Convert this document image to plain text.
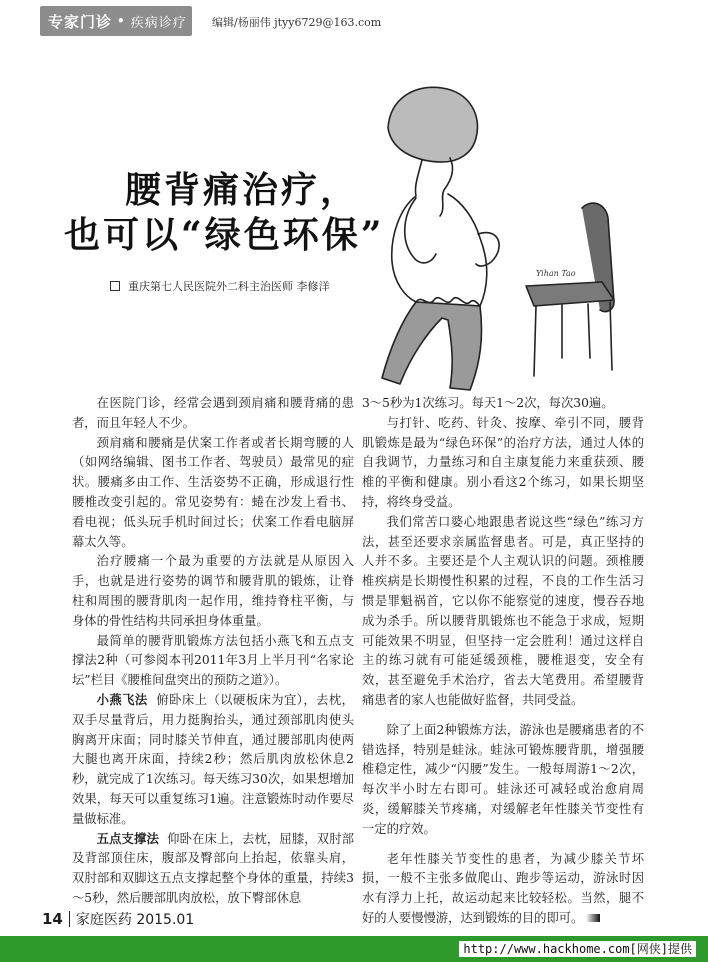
专家门诊 • 疾病诊疗 编辑/杨丽伟 jtyy6729@163.com
Yihan Tao
腰背痛治疗，
也可以“绿色环保”
重庆第七人民医院外二科主治医师 李修洋

在医院门诊，经常会遇到颈肩痛和腰背痛的患者，而且年轻人不少。

颈肩痛和腰痛是伏案工作者或者长期弯腰的人（如网络编辑、图书工作者、驾驶员）最常见的症状。腰痛多由工作、生活姿势不正确，形成退行性腰椎改变引起的。常见姿势有：蜷在沙发上看书、看电视；低头玩手机时间过长；伏案工作看电脑屏幕太久等。

治疗腰痛一个最为重要的方法就是从原因入手，也就是进行姿势的调节和腰背肌的锻炼，让脊柱和周围的腰背肌肉一起作用，维持脊柱平衡，与身体的骨性结构共同承担身体重量。

最简单的腰背肌锻炼方法包括小燕飞和五点支撑法2种（可参阅本刊2011年3月上半月刊“名家论坛”栏目《腰椎间盘突出的预防之道》）。

小燕飞法 俯卧床上（以硬板床为宜），去枕，双手尽量背后，用力挺胸抬头，通过颈部肌肉使头胸离开床面；同时膝关节伸直，通过腰部肌肉使两大腿也离开床面，持续2秒；然后肌肉放松休息2秒，就完成了1次练习。每天练习30次，如果想增加效果，每天可以重复练习1遍。注意锻炼时动作要尽量做标准。

五点支撑法 仰卧在床上，去枕，屈膝，双肘部及背部顶住床，腹部及臀部向上抬起，依靠头肩，双肘部和双脚这五点支撑起整个身体的重量，持续3～5秒，然后腰部肌肉放松，放下臀部休息

3～5秒为1次练习。每天1～2次，每次30遍。

与打针、吃药、针灸、按摩、牵引不同，腰背肌锻炼是最为“绿色环保”的治疗方法，通过人体的自我调节，力量练习和自主康复能力来重获颈、腰椎的平衡和健康。别小看这2个练习，如果长期坚持，将终身受益。

我们常苦口婆心地跟患者说这些“绿色”练习方法，甚至还要求亲属监督患者。可是，真正坚持的人并不多。主要还是个人主观认识的问题。颈椎腰椎疾病是长期慢性积累的过程，不良的工作生活习惯是罪魁祸首，它以你不能察觉的速度，慢吞吞地成为杀手。所以腰背肌锻炼也不能急于求成，短期可能效果不明显，但坚持一定会胜利！通过这样自主的练习就有可能延缓颈椎，腰椎退变，安全有效，甚至避免手术治疗，省去大笔费用。希望腰背痛患者的家人也能做好监督，共同受益。

除了上面2种锻炼方法，游泳也是腰痛患者的不错选择，特别是蛙泳。蛙泳可锻炼腰背肌，增强腰椎稳定性，减少“闪腰”发生。一般每周游1～2次，每次半小时左右即可。蛙泳还可减轻或治愈肩周炎，缓解膝关节疼痛，对缓解老年性膝关节变性有一定的疗效。

老年性膝关节变性的患者，为减少膝关节坏损，一般不主张多做爬山、跑步等运动，游泳时因水有浮力上托，故运动起来比较轻松。当然，腿不好的人要慢慢游，达到锻炼的目的即可。

14 家庭医药 2015.01
http://www.hackhome.com[网侠]提供
